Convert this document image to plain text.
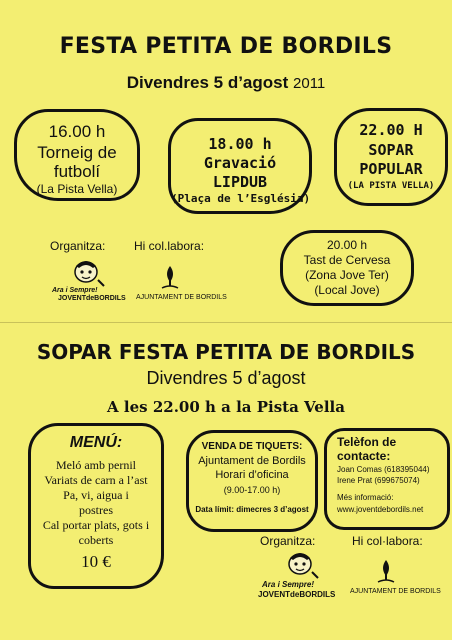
FESTA PETITA DE BORDILS
Divendres 5 d’agost 2011
16.00 h
Torneig de
futbolí
(La Pista Vella)
18.00 h
Gravació
LIPDUB
(Plaça de l’Església)
22.00 H
SOPAR
POPULAR
(LA PISTA VELLA)
20.00 h
Tast de Cervesa
(Zona Jove Ter)
(Local Jove)
Organitza: Hi col.labora:
Ara i Sempre!
JOVENTdeBORDILS AJUNTAMENT DE BORDILS
SOPAR FESTA PETITA DE BORDILS
Divendres 5 d’agost
A les 22.00 h a la Pista Vella
MENÚ:
Meló amb pernil
Variats de carn a l’ast
Pa, vi, aigua i
postres
Cal portar plats, gots i
coberts
10 €
VENDA DE TIQUETS:
Ajuntament de Bordils
Horari d’oficina
(9.00-17.00 h)
Data límit: dimecres 3 d’agost
Telèfon de
contacte:
Joan Comas (618395044)
Irene Prat (699675074)
Més informació:
www.joventdebordils.net
Organitza:	Hi col·labora:
Ara i Sempre!
JOVENTdeBORDILS AJUNTAMENT DE BORDILS
